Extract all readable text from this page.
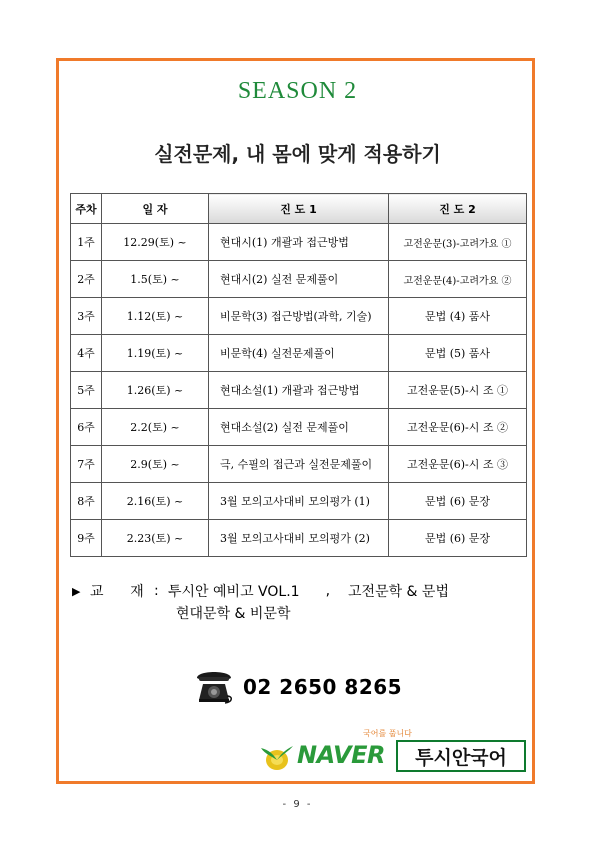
SEASON 2
실전문제, 내 몸에 맞게 적용하기
주차	일 자	진 도 1	진 도 2
1주	12.29(토) ~	현대시(1) 개괄과 접근방법	고전운문(3)-고려가요 ①
2주	1.5(토) ~	현대시(2) 실전 문제풀이	고전운문(4)-고려가요 ②
3주	1.12(토) ~	비문학(3) 접근방법(과학, 기술)	문법 (4) 품사
4주	1.19(토) ~	비문학(4) 실전문제풀이	문법 (5) 품사
5주	1.26(토) ~	현대소설(1) 개괄과 접근방법	고전운문(5)-시 조 ①
6주	2.2(토) ~	현대소설(2) 실전 문제풀이	고전운문(6)-시 조 ②
7주	2.9(토) ~	극, 수필의 접근과 실전문제풀이	고전운문(6)-시 조 ③
8주	2.16(토) ~	3월 모의고사대비 모의평가 (1)	문법 (6) 문장
9주	2.23(토) ~	3월 모의고사대비 모의평가 (2)	문법 (6) 문장
▶ 교      재 : 투시안 예비고 VOL.1 , 고전문학 & 문법
현대문학 & 비문학
02 2650 8265
국어를 풉니다
NAVER 투시안국어
- 9 -
